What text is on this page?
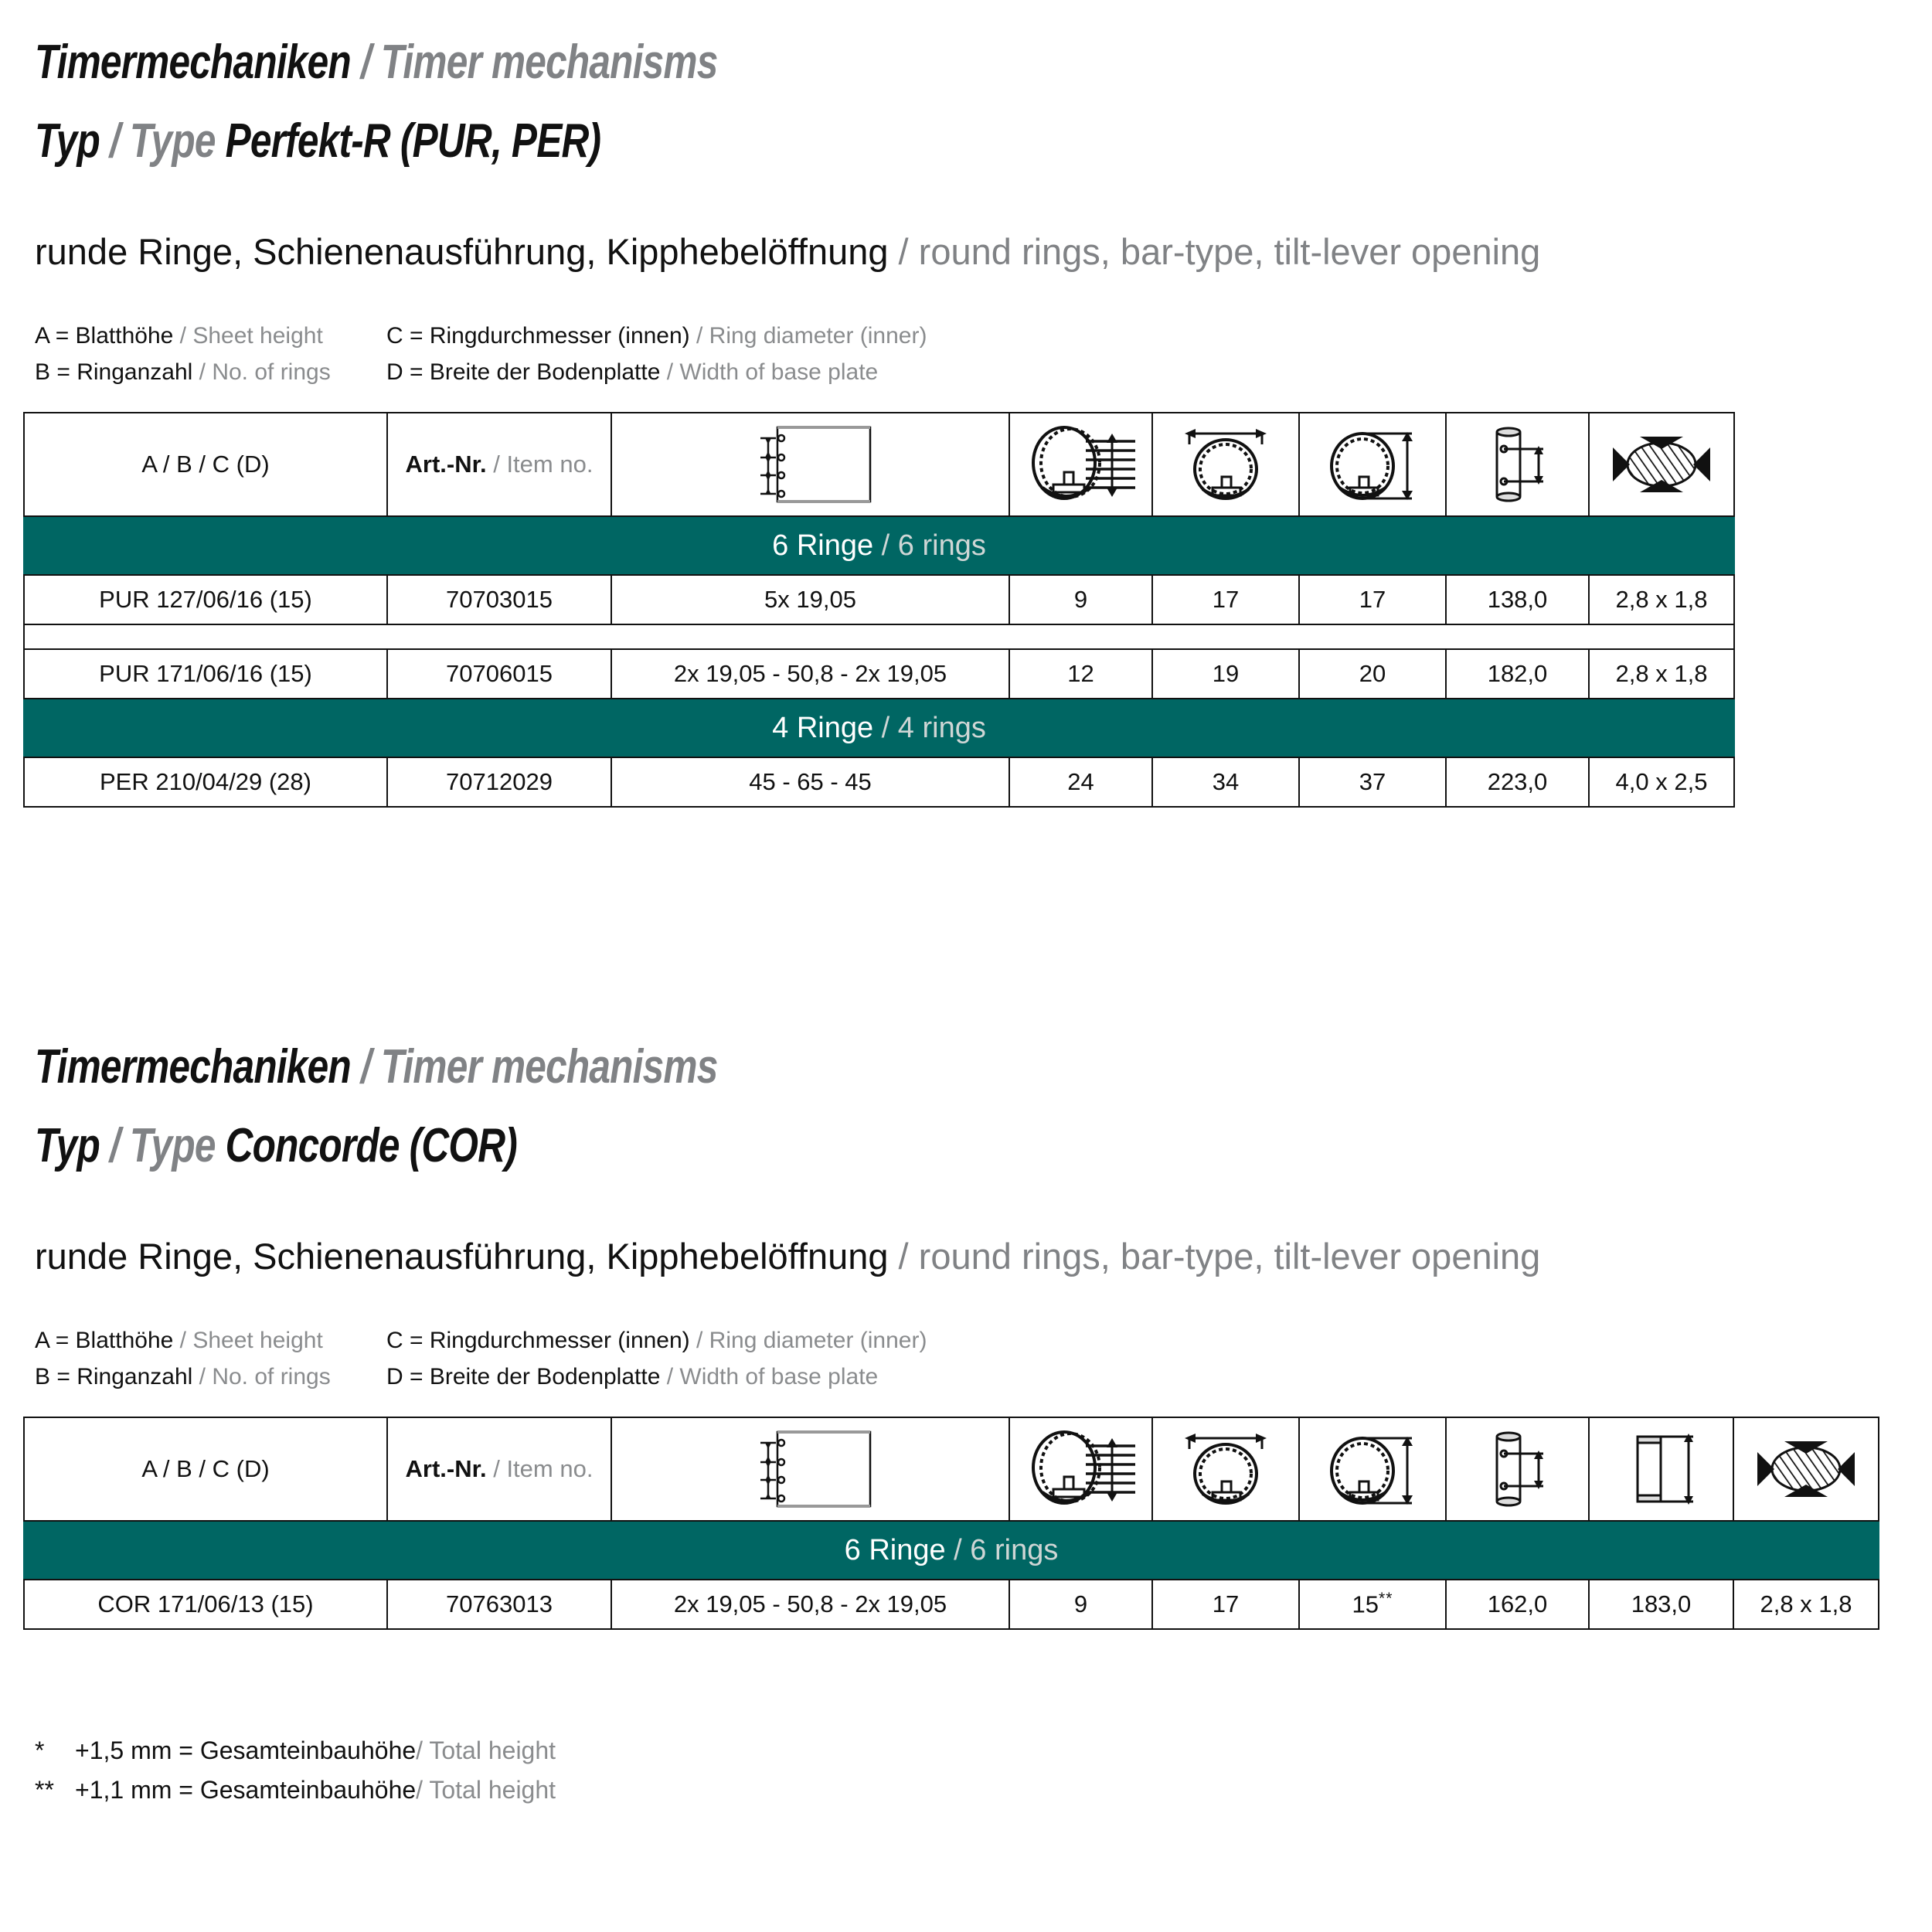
Timermechaniken / Timer mechanisms
Typ / Type Perfekt-R (PUR, PER)
runde Ringe, Schienenausführung, Kipphebelöffnung / round rings, bar-type, tilt-lever opening
A = Blatthöhe / Sheet height	C = Ringdurchmesser (innen) / Ring diameter (inner)
B = Ringanzahl / No. of rings	D = Breite der Bodenplatte / Width of base plate
A / B / C (D)	Art.-Nr. / Item no.	

6 Ringe / 6 rings							
PUR 127/06/16 (15)	70703015	5x 19,05	9	17	17	138,0	2,8 x 1,8

PUR 171/06/16 (15)	70706015	2x 19,05 - 50,8 - 2x 19,05	12	19	20	182,0	2,8 x 1,8
4 Ringe / 4 rings							
PER 210/04/29 (28)	70712029	45 - 65 - 45	24	34	37	223,0	4,0 x 2,5
Timermechaniken / Timer mechanisms
Typ / Type Concorde (COR)
runde Ringe, Schienenausführung, Kipphebelöffnung / round rings, bar-type, tilt-lever opening
A = Blatthöhe / Sheet height	C = Ringdurchmesser (innen) / Ring diameter (inner)
B = Ringanzahl / No. of rings	D = Breite der Bodenplatte / Width of base plate
A / B / C (D)	Art.-Nr. / Item no.	

6 Ringe / 6 rings								
COR 171/06/13 (15)	70763013	2x 19,05 - 50,8 - 2x 19,05	9	17	15**	162,0	183,0	2,8 x 1,8
*	+1,5 mm = Gesamteinbauhöhe / Total height
** +1,1 mm = Gesamteinbauhöhe / Total height
